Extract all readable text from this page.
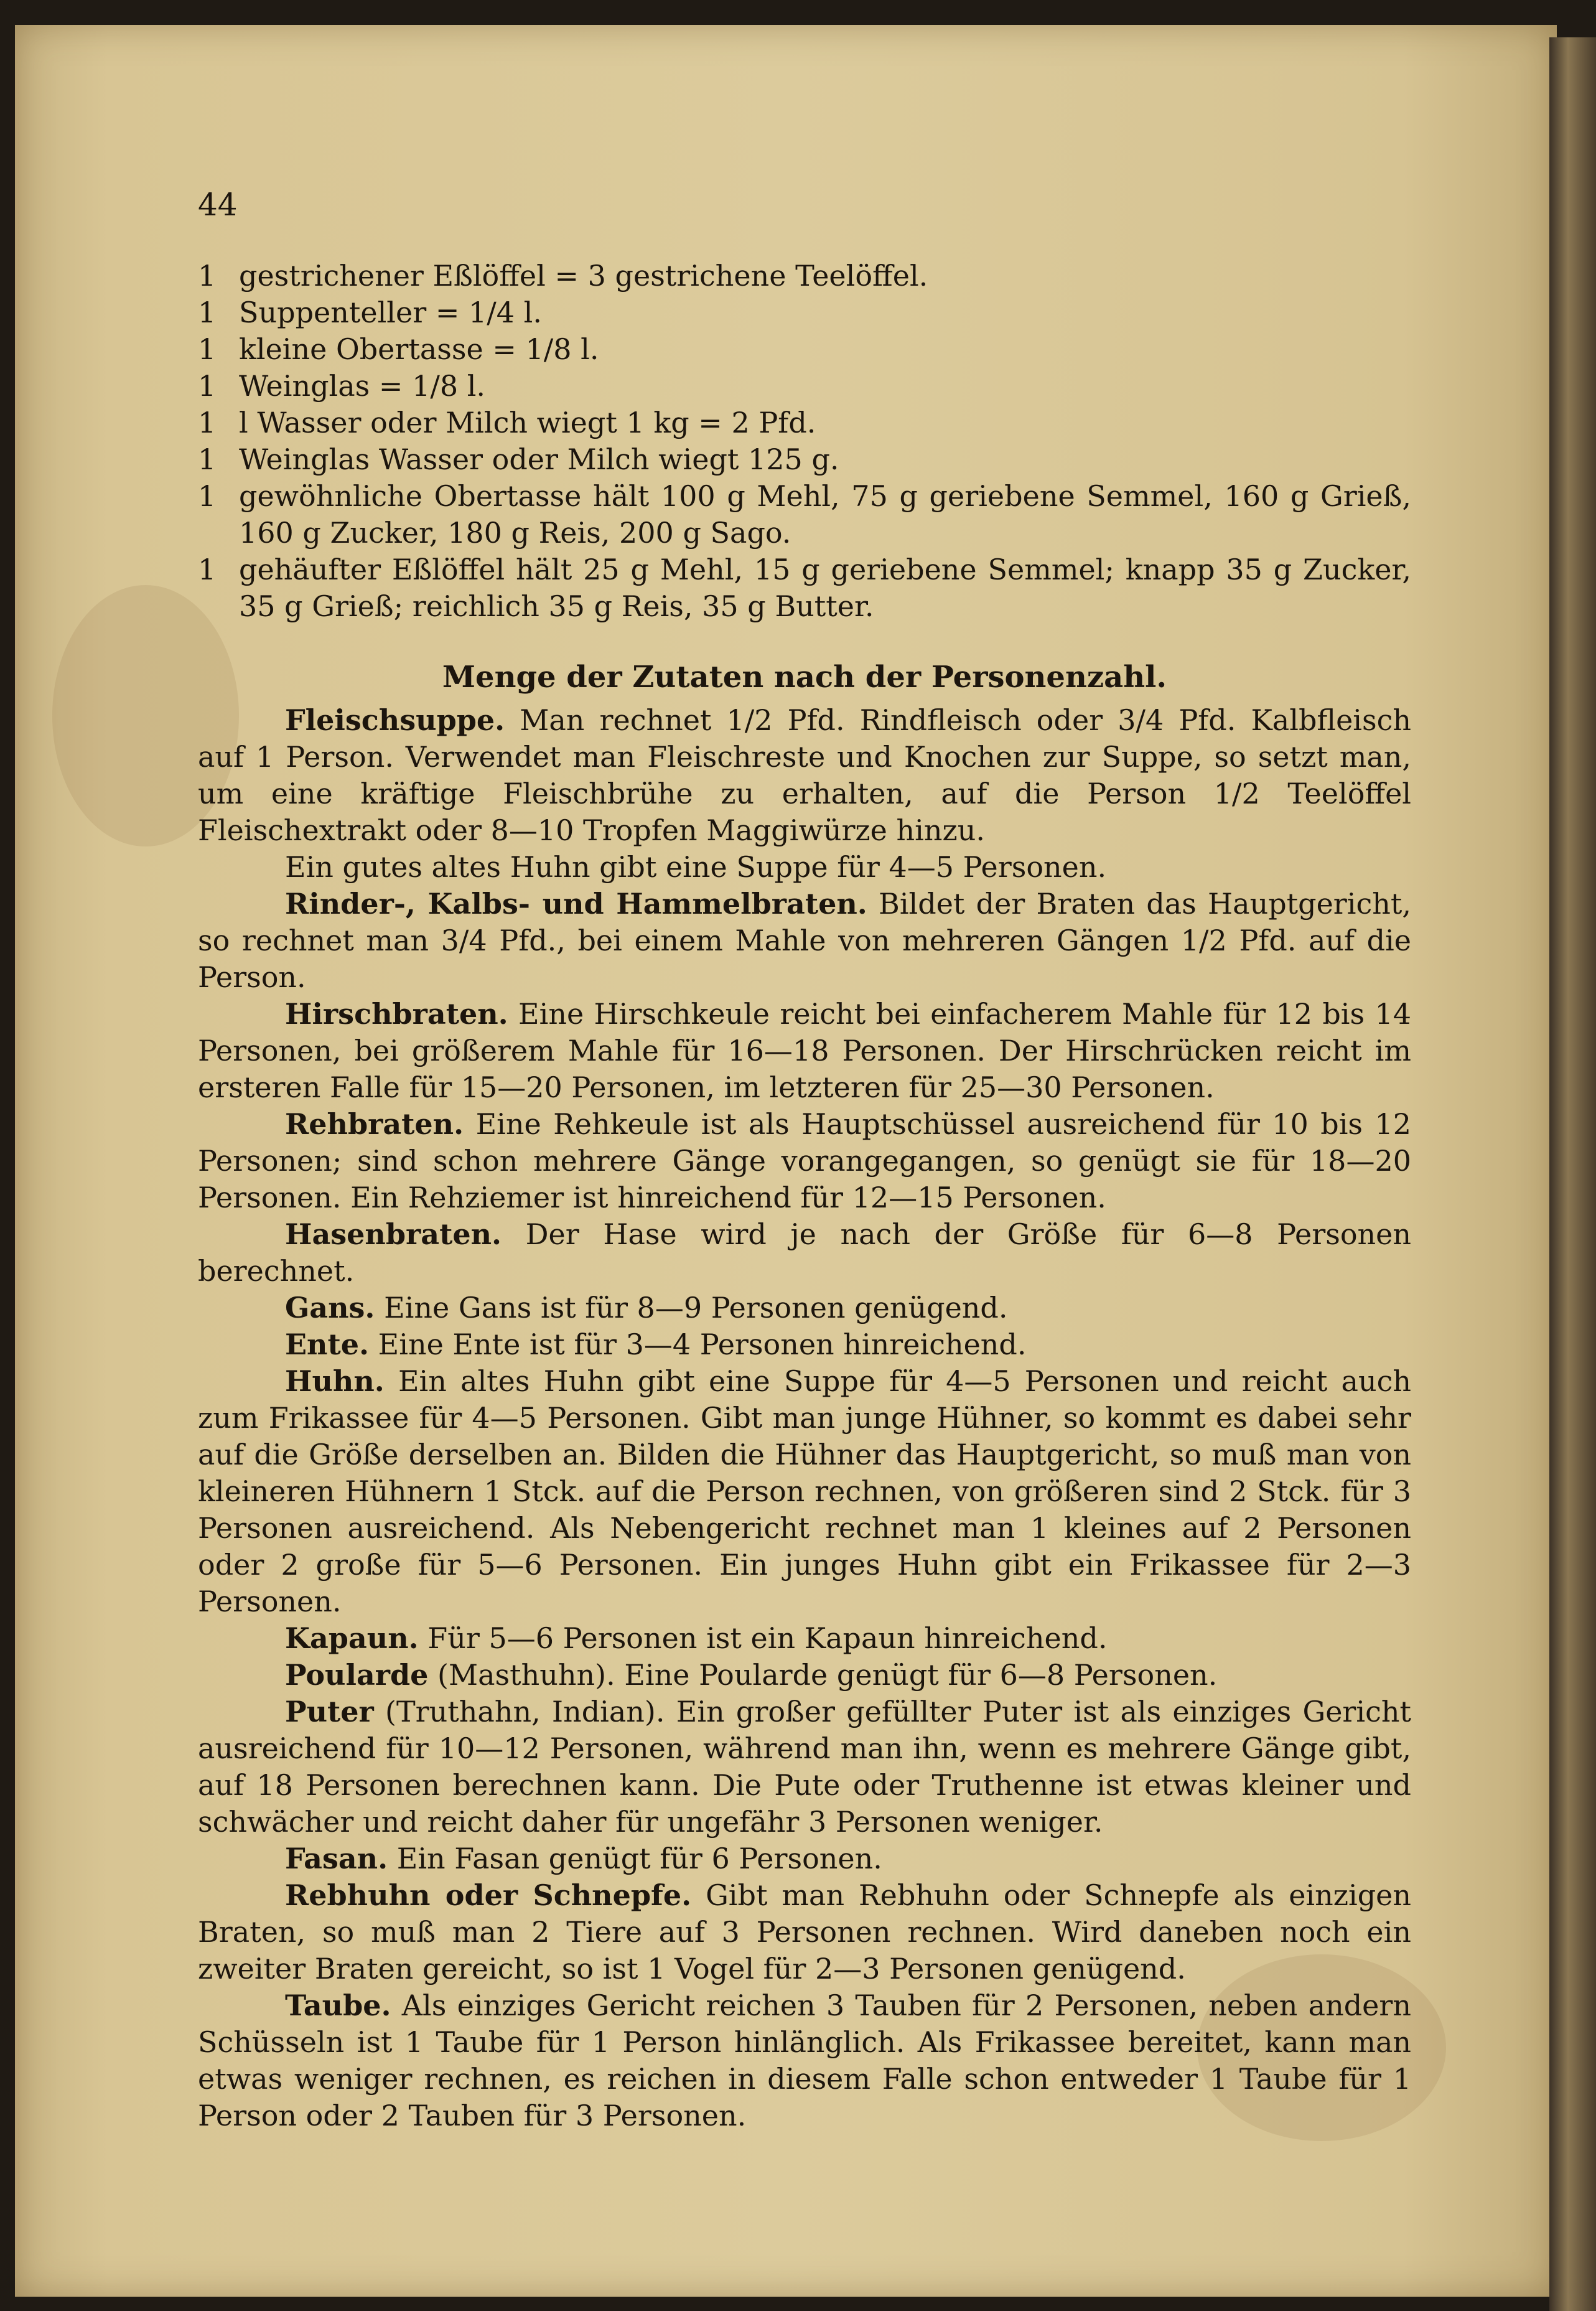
44
1 gestrichener Eßlöffel = 3 gestrichene Teelöffel.
1 Suppenteller = 1/4 l.
1 kleine Obertasse = 1/8 l.
1 Weinglas = 1/8 l.
1 l Wasser oder Milch wiegt 1 kg = 2 Pfd.
1 Weinglas Wasser oder Milch wiegt 125 g.
1 gewöhnliche Obertasse hält 100 g Mehl, 75 g geriebene Semmel, 160 g Grieß, 160 g Zucker, 180 g Reis, 200 g Sago.
1 gehäufter Eßlöffel hält 25 g Mehl, 15 g geriebene Semmel; knapp 35 g Zucker, 35 g Grieß; reichlich 35 g Reis, 35 g Butter.
Menge der Zutaten nach der Personenzahl.

Fleischsuppe. Man rechnet 1/2 Pfd. Rindfleisch oder 3/4 Pfd. Kalbfleisch auf 1 Person. Verwendet man Fleischreste und Knochen zur Suppe, so setzt man, um eine kräftige Fleischbrühe zu erhalten, auf die Person 1/2 Teelöffel Fleischextrakt oder 8—10 Tropfen Maggiwürze hinzu.

Ein gutes altes Huhn gibt eine Suppe für 4—5 Personen.

Rinder-, Kalbs- und Hammelbraten. Bildet der Braten das Hauptgericht, so rechnet man 3/4 Pfd., bei einem Mahle von mehreren Gängen 1/2 Pfd. auf die Person.

Hirschbraten. Eine Hirschkeule reicht bei einfacherem Mahle für 12 bis 14 Personen, bei größerem Mahle für 16—18 Personen. Der Hirschrücken reicht im ersteren Falle für 15—20 Personen, im letzteren für 25—30 Personen.

Rehbraten. Eine Rehkeule ist als Hauptschüssel ausreichend für 10 bis 12 Personen; sind schon mehrere Gänge vorangegangen, so genügt sie für 18—20 Personen. Ein Rehziemer ist hinreichend für 12—15 Personen.

Hasenbraten. Der Hase wird je nach der Größe für 6—8 Personen berechnet.

Gans. Eine Gans ist für 8—9 Personen genügend.

Ente. Eine Ente ist für 3—4 Personen hinreichend.

Huhn. Ein altes Huhn gibt eine Suppe für 4—5 Personen und reicht auch zum Frikassee für 4—5 Personen. Gibt man junge Hühner, so kommt es dabei sehr auf die Größe derselben an. Bilden die Hühner das Hauptgericht, so muß man von kleineren Hühnern 1 Stck. auf die Person rechnen, von größeren sind 2 Stck. für 3 Personen ausreichend. Als Nebengericht rechnet man 1 kleines auf 2 Personen oder 2 große für 5—6 Personen. Ein junges Huhn gibt ein Frikassee für 2—3 Personen.

Kapaun. Für 5—6 Personen ist ein Kapaun hinreichend.

Poularde (Masthuhn). Eine Poularde genügt für 6—8 Personen.

Puter (Truthahn, Indian). Ein großer gefüllter Puter ist als einziges Gericht ausreichend für 10—12 Personen, während man ihn, wenn es mehrere Gänge gibt, auf 18 Personen berechnen kann. Die Pute oder Truthenne ist etwas kleiner und schwächer und reicht daher für ungefähr 3 Personen weniger.

Fasan. Ein Fasan genügt für 6 Personen.

Rebhuhn oder Schnepfe. Gibt man Rebhuhn oder Schnepfe als einzigen Braten, so muß man 2 Tiere auf 3 Personen rechnen. Wird daneben noch ein zweiter Braten gereicht, so ist 1 Vogel für 2—3 Personen genügend.

Taube. Als einziges Gericht reichen 3 Tauben für 2 Personen, neben andern Schüsseln ist 1 Taube für 1 Person hinlänglich. Als Frikassee bereitet, kann man etwas weniger rechnen, es reichen in diesem Falle schon entweder 1 Taube für 1 Person oder 2 Tauben für 3 Personen.
